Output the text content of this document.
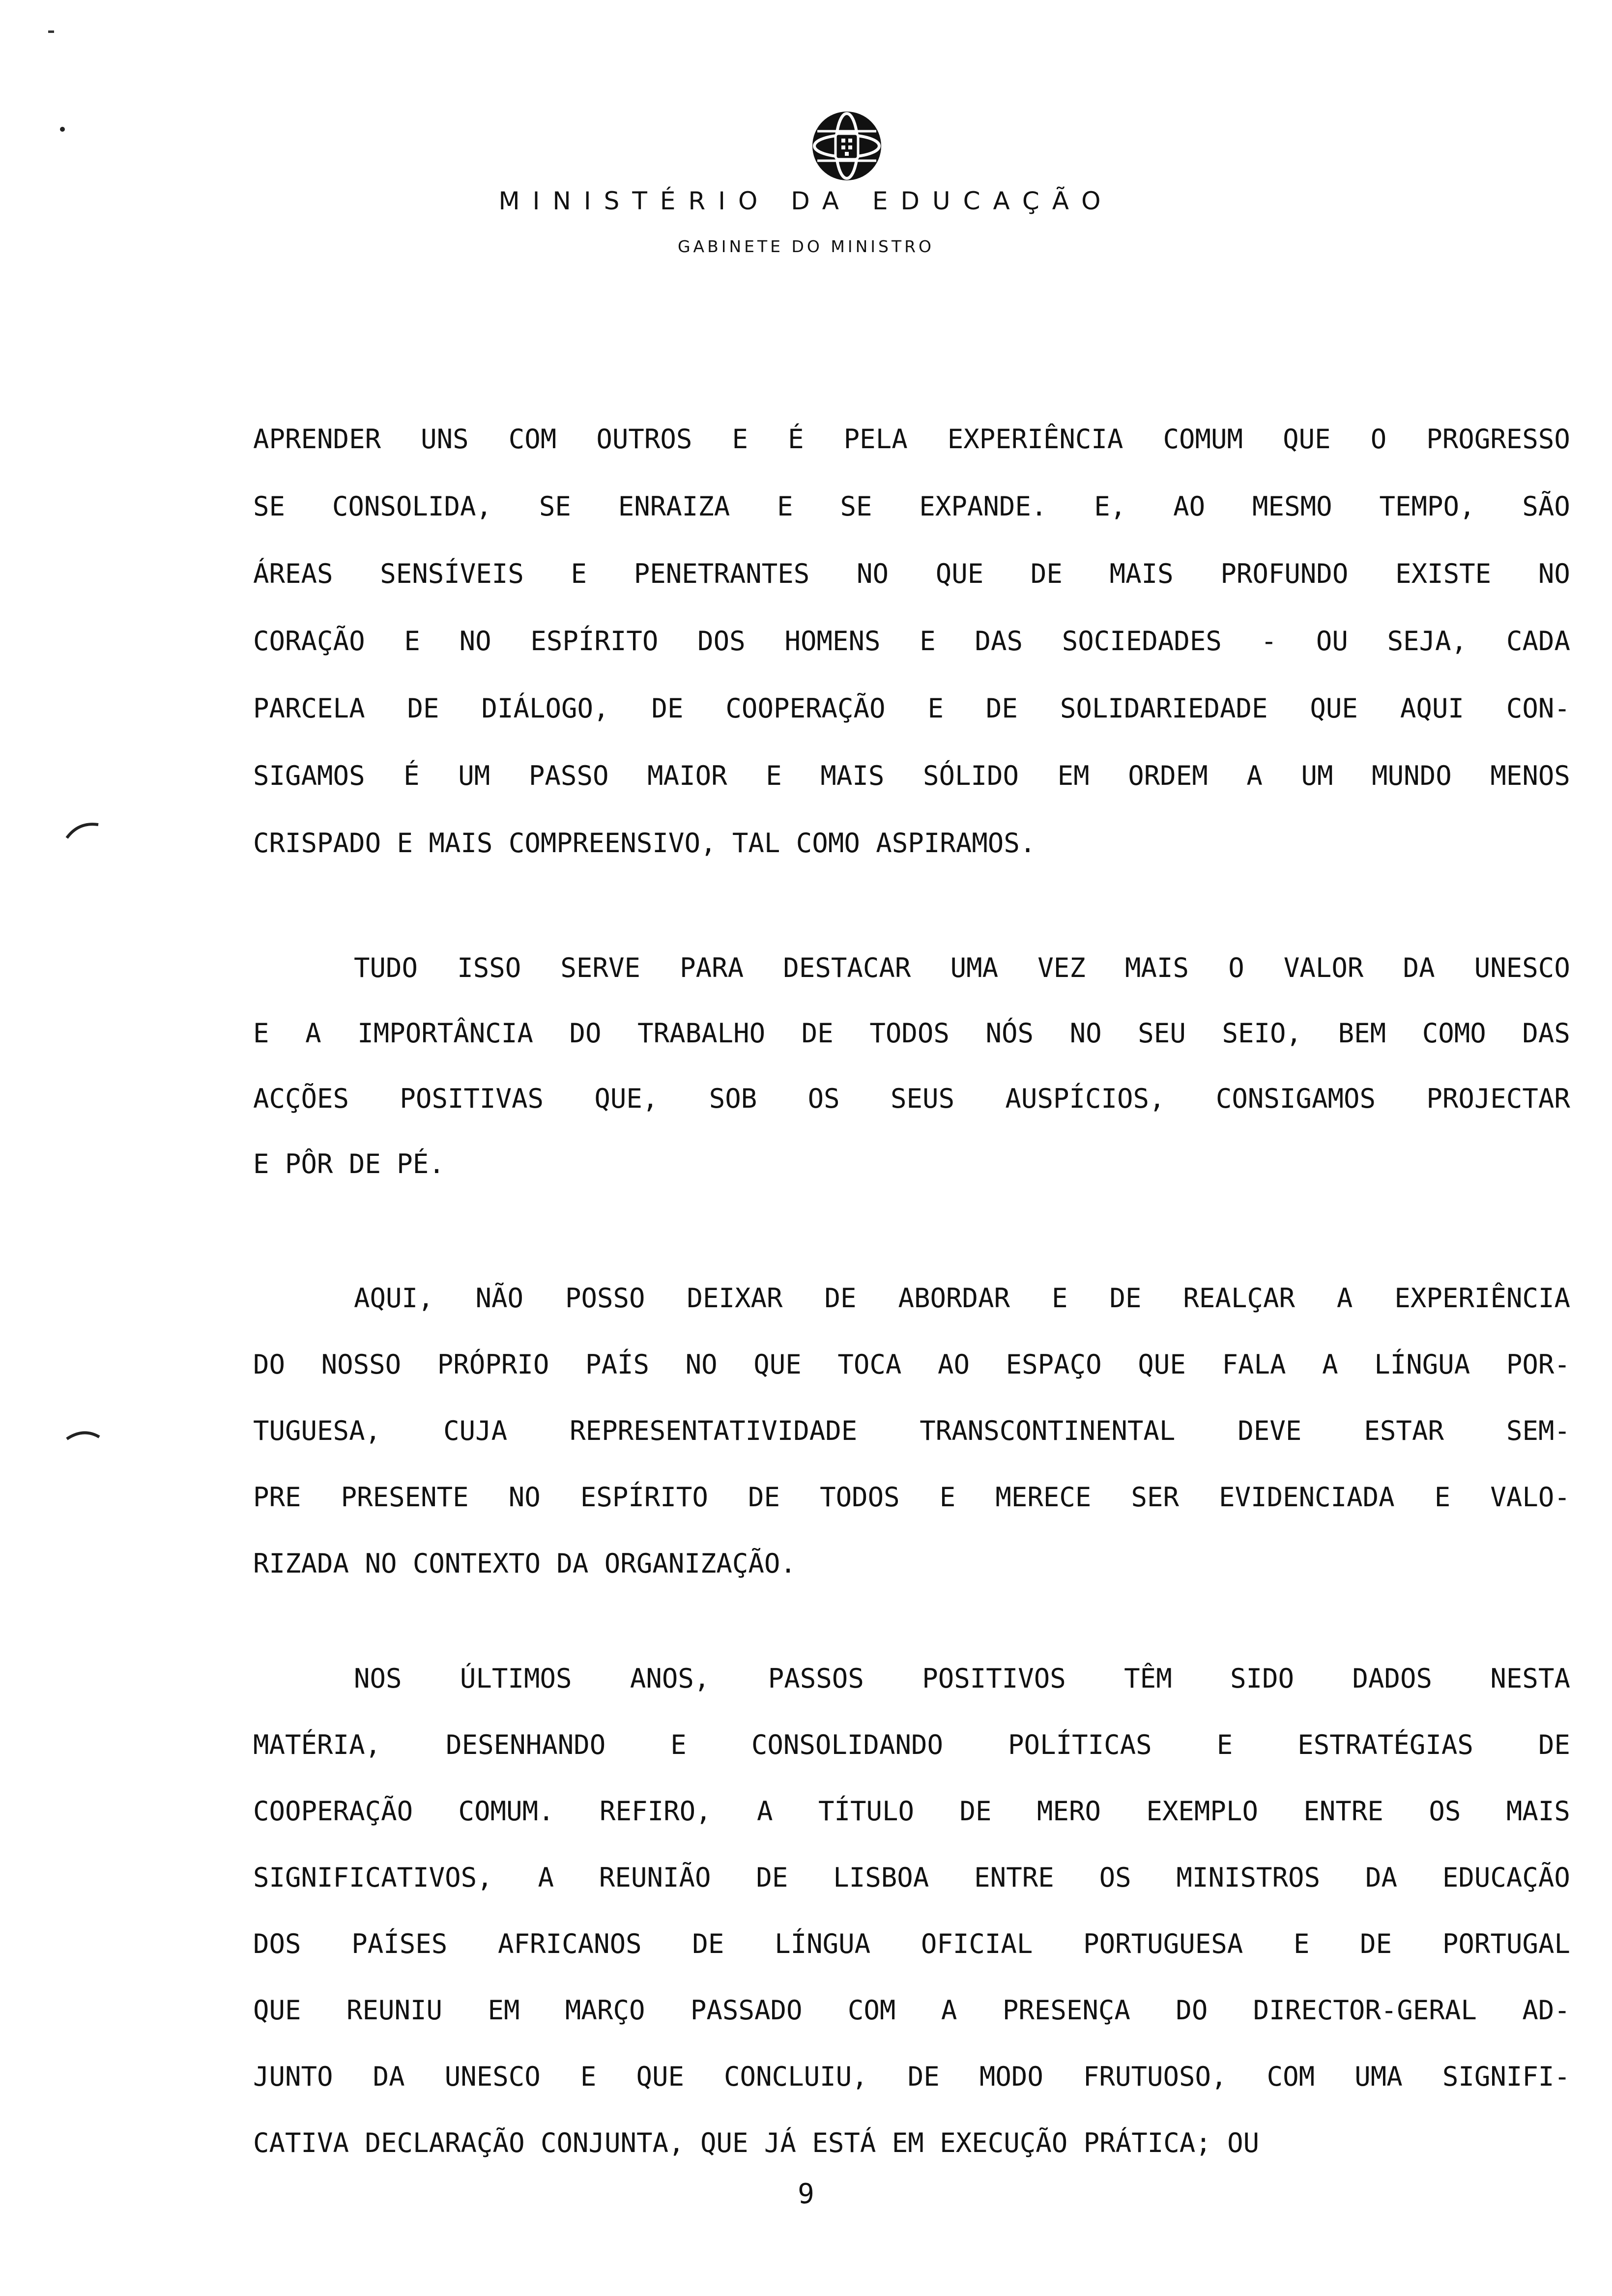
MINISTÉRIO DA EDUCAÇÃO
GABINETE DO MINISTRO
APRENDER UNS COM OUTROS E É PELA EXPERIÊNCIA COMUM QUE O PROGRESSO
SE CONSOLIDA, SE ENRAIZA E SE EXPANDE. E, AO MESMO TEMPO, SÃO
ÁREAS SENSÍVEIS E PENETRANTES NO QUE DE MAIS PROFUNDO EXISTE NO
CORAÇÃO E NO ESPÍRITO DOS HOMENS E DAS SOCIEDADES - OU SEJA, CADA
PARCELA DE DIÁLOGO, DE COOPERAÇÃO E DE SOLIDARIEDADE QUE AQUI CON-
SIGAMOS É UM PASSO MAIOR E MAIS SÓLIDO EM ORDEM A UM MUNDO MENOS
CRISPADO E MAIS COMPREENSIVO, TAL COMO ASPIRAMOS.
TUDO ISSO SERVE PARA DESTACAR UMA VEZ MAIS O VALOR DA UNESCO
E A IMPORTÂNCIA DO TRABALHO DE TODOS NÓS NO SEU SEIO, BEM COMO DAS
ACÇÕES POSITIVAS QUE, SOB OS SEUS AUSPÍCIOS, CONSIGAMOS PROJECTAR
E PÔR DE PÉ.
AQUI, NÃO POSSO DEIXAR DE ABORDAR E DE REALÇAR A EXPERIÊNCIA
DO NOSSO PRÓPRIO PAÍS NO QUE TOCA AO ESPAÇO QUE FALA A LÍNGUA POR-
TUGUESA, CUJA REPRESENTATIVIDADE TRANSCONTINENTAL DEVE ESTAR SEM-
PRE PRESENTE NO ESPÍRITO DE TODOS E MERECE SER EVIDENCIADA E VALO-
RIZADA NO CONTEXTO DA ORGANIZAÇÃO.
NOS ÚLTIMOS ANOS, PASSOS POSITIVOS TÊM SIDO DADOS NESTA
MATÉRIA, DESENHANDO E CONSOLIDANDO POLÍTICAS E ESTRATÉGIAS DE
COOPERAÇÃO COMUM. REFIRO, A TÍTULO DE MERO EXEMPLO ENTRE OS MAIS
SIGNIFICATIVOS, A REUNIÃO DE LISBOA ENTRE OS MINISTROS DA EDUCAÇÃO
DOS PAÍSES AFRICANOS DE LÍNGUA OFICIAL PORTUGUESA E DE PORTUGAL
QUE REUNIU EM MARÇO PASSADO COM A PRESENÇA DO DIRECTOR-GERAL AD-
JUNTO DA UNESCO E QUE CONCLUIU, DE MODO FRUTUOSO, COM UMA SIGNIFI-
CATIVA DECLARAÇÃO CONJUNTA, QUE JÁ ESTÁ EM EXECUÇÃO PRÁTICA; OU
9
